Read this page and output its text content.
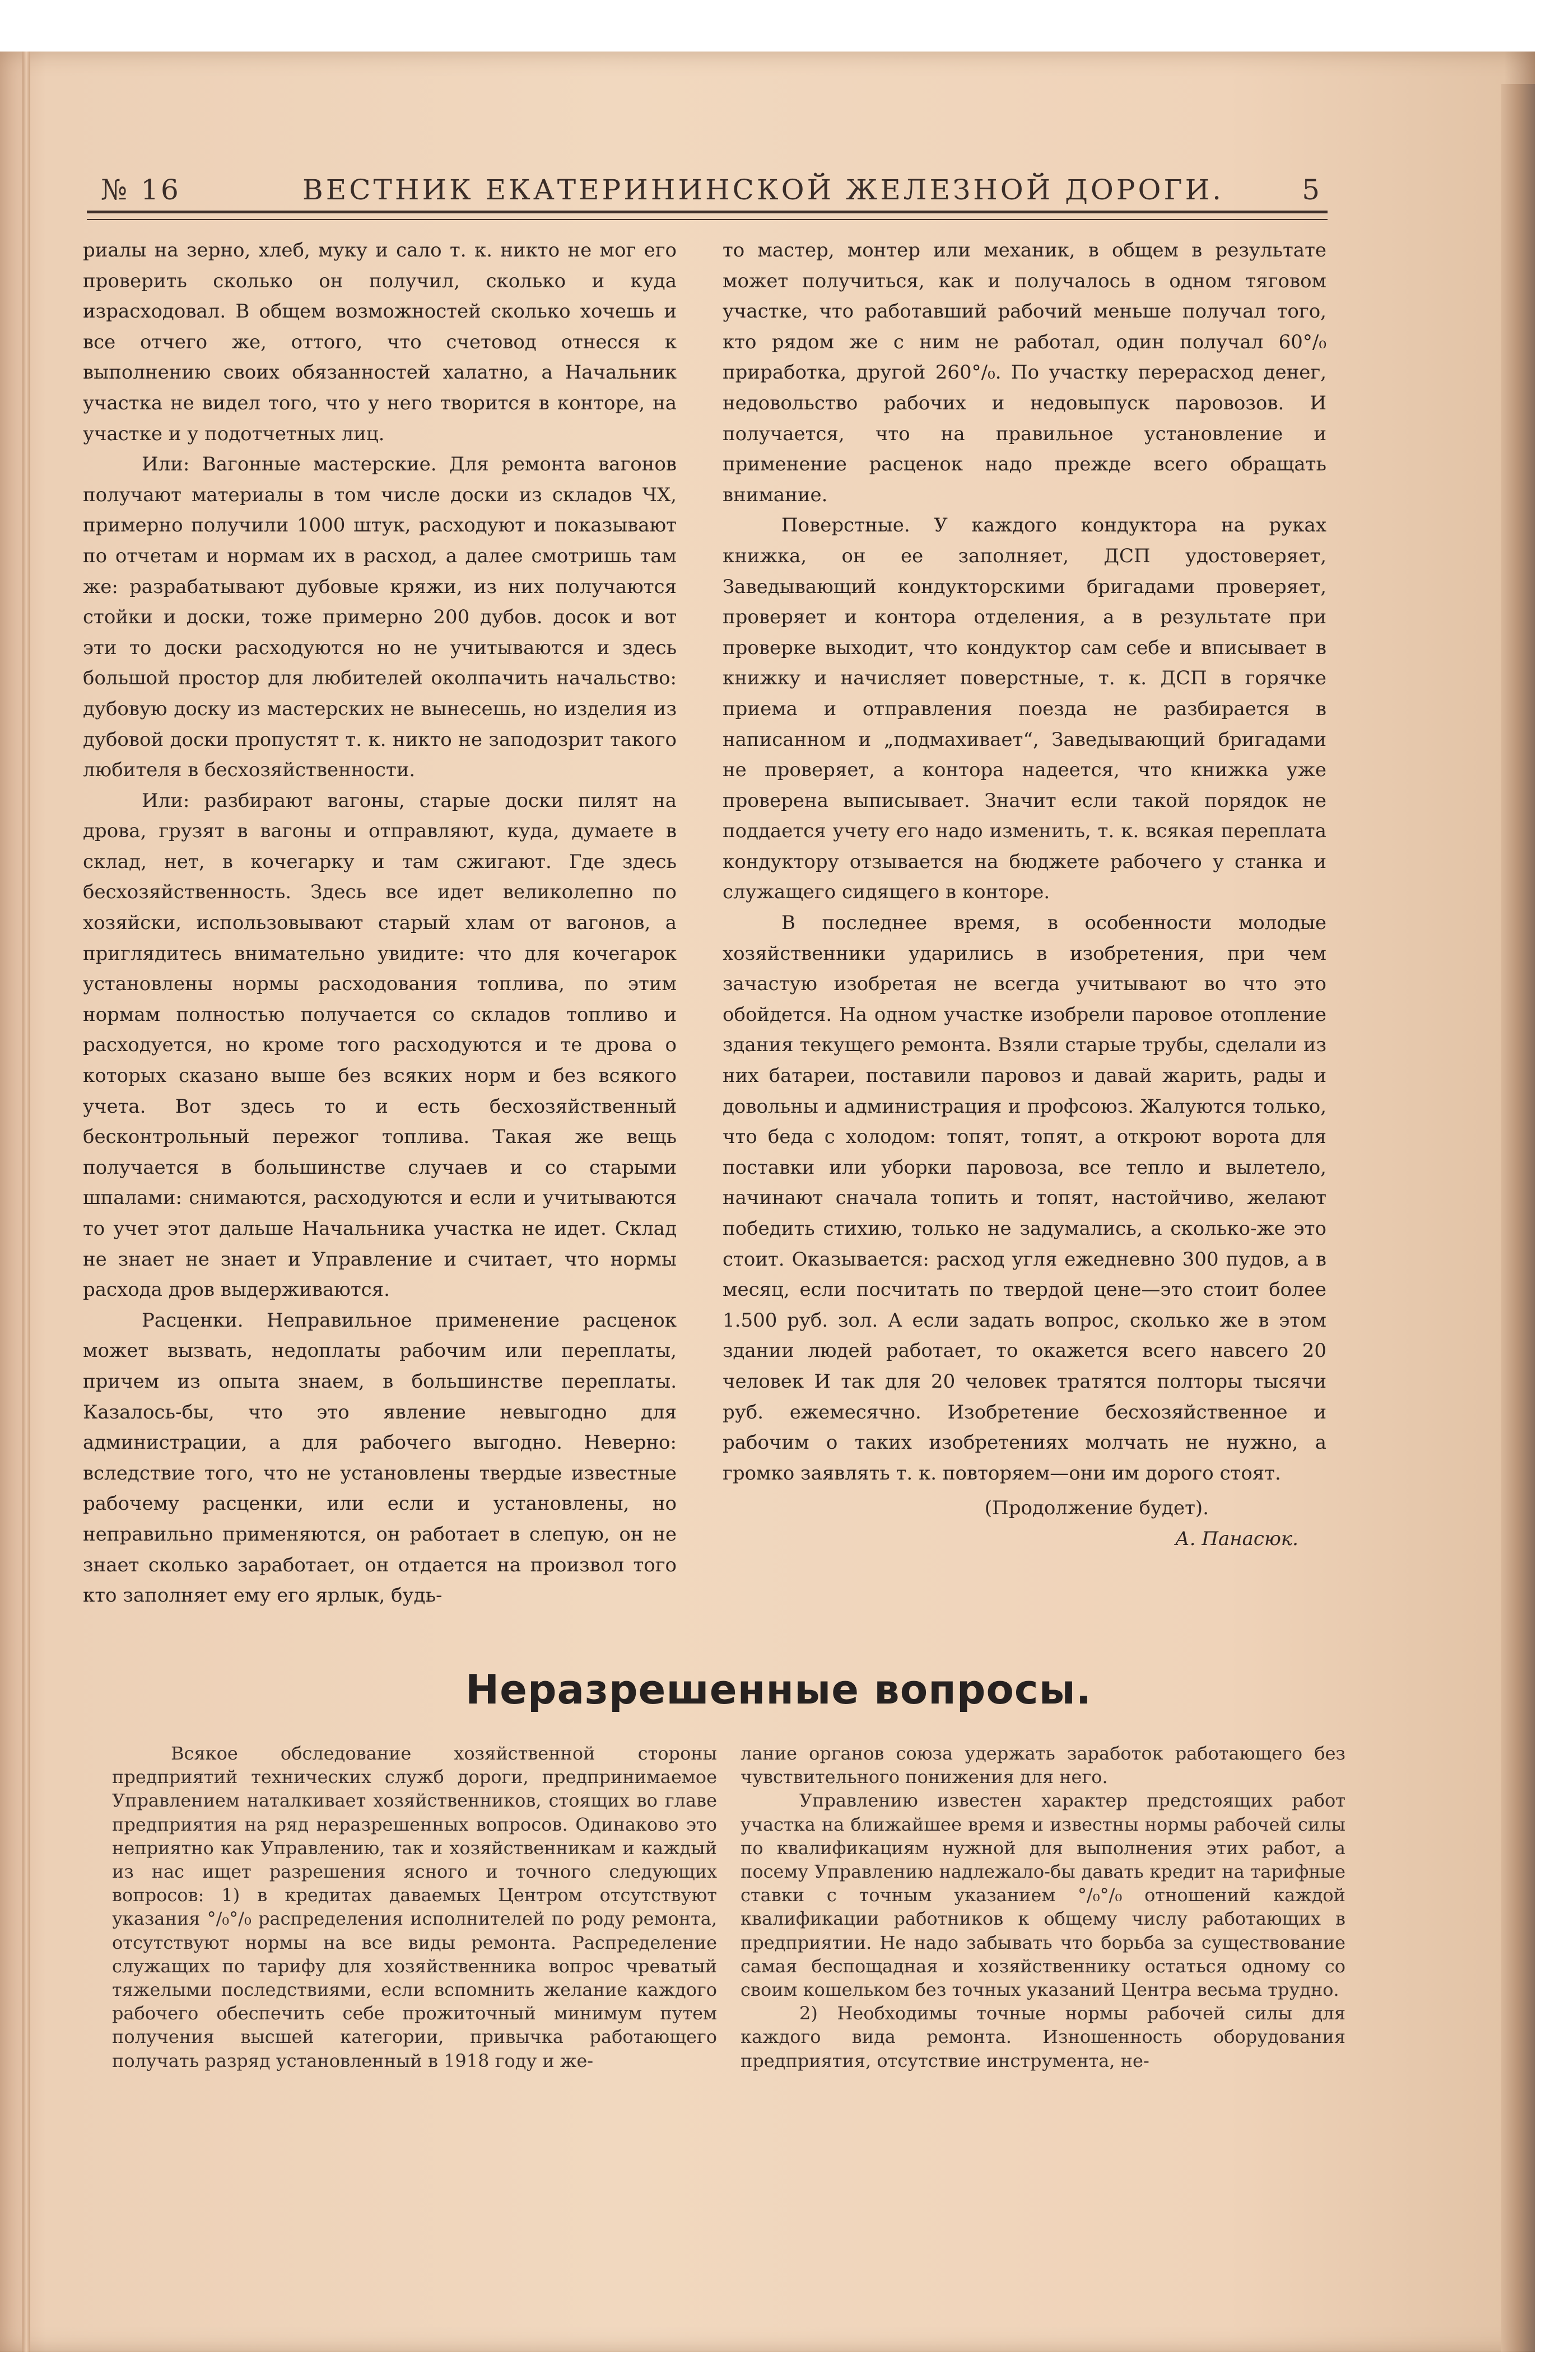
№ 16	ВЕСТНИК ЕКАТЕРИНИНСКОЙ ЖЕЛЕЗНОЙ ДОРОГИ.	5

риалы на зерно, хлеб, муку и сало т. к. никто не мог его проверить сколько он получил, сколько и куда израсходовал. В общем возможностей сколько хочешь и все отчего же, оттого, что счетовод отнесся к выполнению своих обязанностей халатно, а Начальник участка не видел того, что у него творится в конторе, на участке и у подотчетных лиц.

Или: Вагонные мастерские. Для ремонта вагонов получают материалы в том числе доски из складов ЧХ, примерно получили 1000 штук, расходуют и показывают по отчетам и нормам их в расход, а далее смотришь там же: разрабатывают дубовые кряжи, из них получаются стойки и доски, тоже примерно 200 дубов. досок и вот эти то доски расходуются но не учитываются и здесь большой простор для любителей околпачить начальство: дубовую доску из мастерских не вынесешь, но изделия из дубовой доски пропустят т. к. никто не заподозрит такого любителя в бесхозяйственности.

Или: разбирают вагоны, старые доски пилят на дрова, грузят в вагоны и отправляют, куда, думаете в склад, нет, в кочегарку и там сжигают. Где здесь бесхозяйственность. Здесь все идет великолепно по хозяйски, использовывают старый хлам от вагонов, а приглядитесь внимательно увидите: что для кочегарок установлены нормы расходования топлива, по этим нормам полностью получается со складов топливо и расходуется, но кроме того расходуются и те дрова о которых сказано выше без всяких норм и без всякого учета. Вот здесь то и есть бесхозяйственный бесконтрольный пережог топлива. Такая же вещь получается в большинстве случаев и со старыми шпалами: снимаются, расходуются и если и учитываются то учет этот дальше Начальника участка не идет. Склад не знает не знает и Управление и считает, что нормы расхода дров выдерживаются.

Расценки. Неправильное применение расценок может вызвать, недоплаты рабочим или переплаты, причем из опыта знаем, в большинстве переплаты. Казалось-бы, что это явление невыгодно для администрации, а для рабочего выгодно. Неверно: вследствие того, что не установлены твердые известные рабочему расценки, или если и установлены, но неправильно применяются, он работает в слепую, он не знает сколько заработает, он отдается на произвол того кто заполняет ему его ярлык, будь-

то мастер, монтер или механик, в общем в результате может получиться, как и получалось в одном тяговом участке, что работавший рабочий меньше получал того, кто рядом же с ним не работал, один получал 60°/₀ приработка, другой 260°/₀. По участку перерасход денег, недовольство рабочих и недовыпуск паровозов. И получается, что на правильное установление и применение расценок надо прежде всего обращать внимание.

Поверстные. У каждого кондуктора на руках книжка, он ее заполняет, ДСП удостоверяет, Заведывающий кондукторскими бригадами проверяет, проверяет и контора отделения, а в результате при проверке выходит, что кондуктор сам себе и вписывает в книжку и начисляет поверстные, т. к. ДСП в горячке приема и отправления поезда не разбирается в написанном и „подмахивает“, Заведывающий бригадами не проверяет, а контора надеется, что книжка уже проверена выписывает. Значит если такой порядок не поддается учету его надо изменить, т. к. всякая переплата кондуктору отзывается на бюджете рабочего у станка и служащего сидящего в конторе.

В последнее время, в особенности молодые хозяйственники ударились в изобретения, при чем зачастую изобретая не всегда учитывают во что это обойдется. На одном участке изобрели паровое отопление здания текущего ремонта. Взяли старые трубы, сделали из них батареи, поставили паровоз и давай жарить, рады и довольны и администрация и профсоюз. Жалуются только, что беда с холодом: топят, топят, а откроют ворота для поставки или уборки паровоза, все тепло и вылетело, начинают сначала топить и топят, настойчиво, желают победить стихию, только не задумались, а сколько-же это стоит. Оказывается: расход угля ежедневно 300 пудов, а в месяц, если посчитать по твердой цене—это стоит более 1.500 руб. зол. А если задать вопрос, сколько же в этом здании людей работает, то окажется всего навсего 20 человек И так для 20 человек тратятся полторы тысячи руб. ежемесячно. Изобретение бесхозяйственное и рабочим о таких изобретениях молчать не нужно, а громко заявлять т. к. повторяем—они им дорого стоят.

(Продолжение будет).

А. Панасюк.

Неразрешенные вопросы.

Всякое обследование хозяйственной стороны предприятий технических служб дороги, предпринимаемое Управлением наталкивает хозяйственников, стоящих во главе предприятия на ряд неразрешенных вопросов. Одинаково это неприятно как Управлению, так и хозяйственникам и каждый из нас ищет разрешения ясного и точного следующих вопросов: 1) в кредитах даваемых Центром отсутствуют указания °/₀°/₀ распределения исполнителей по роду ремонта, отсутствуют нормы на все виды ремонта. Распределение служащих по тарифу для хозяйственника вопрос чреватый тяжелыми последствиями, если вспомнить желание каждого рабочего обеспечить себе прожиточный минимум путем получения высшей категории, привычка работающего получать разряд установленный в 1918 году и же-

лание органов союза удержать заработок работающего без чувствительного понижения для него.

Управлению известен характер предстоящих работ участка на ближайшее время и известны нормы рабочей силы по квалификациям нужной для выполнения этих работ, а посему Управлению надлежало-бы давать кредит на тарифные ставки с точным указанием °/₀°/₀ отношений каждой квалификации работников к общему числу работающих в предприятии. Не надо забывать что борьба за существование самая беспощадная и хозяйственнику остаться одному со своим кошельком без точных указаний Центра весьма трудно.

2) Необходимы точные нормы рабочей силы для каждого вида ремонта. Изношенность оборудования предприятия, отсутствие инструмента, не-
